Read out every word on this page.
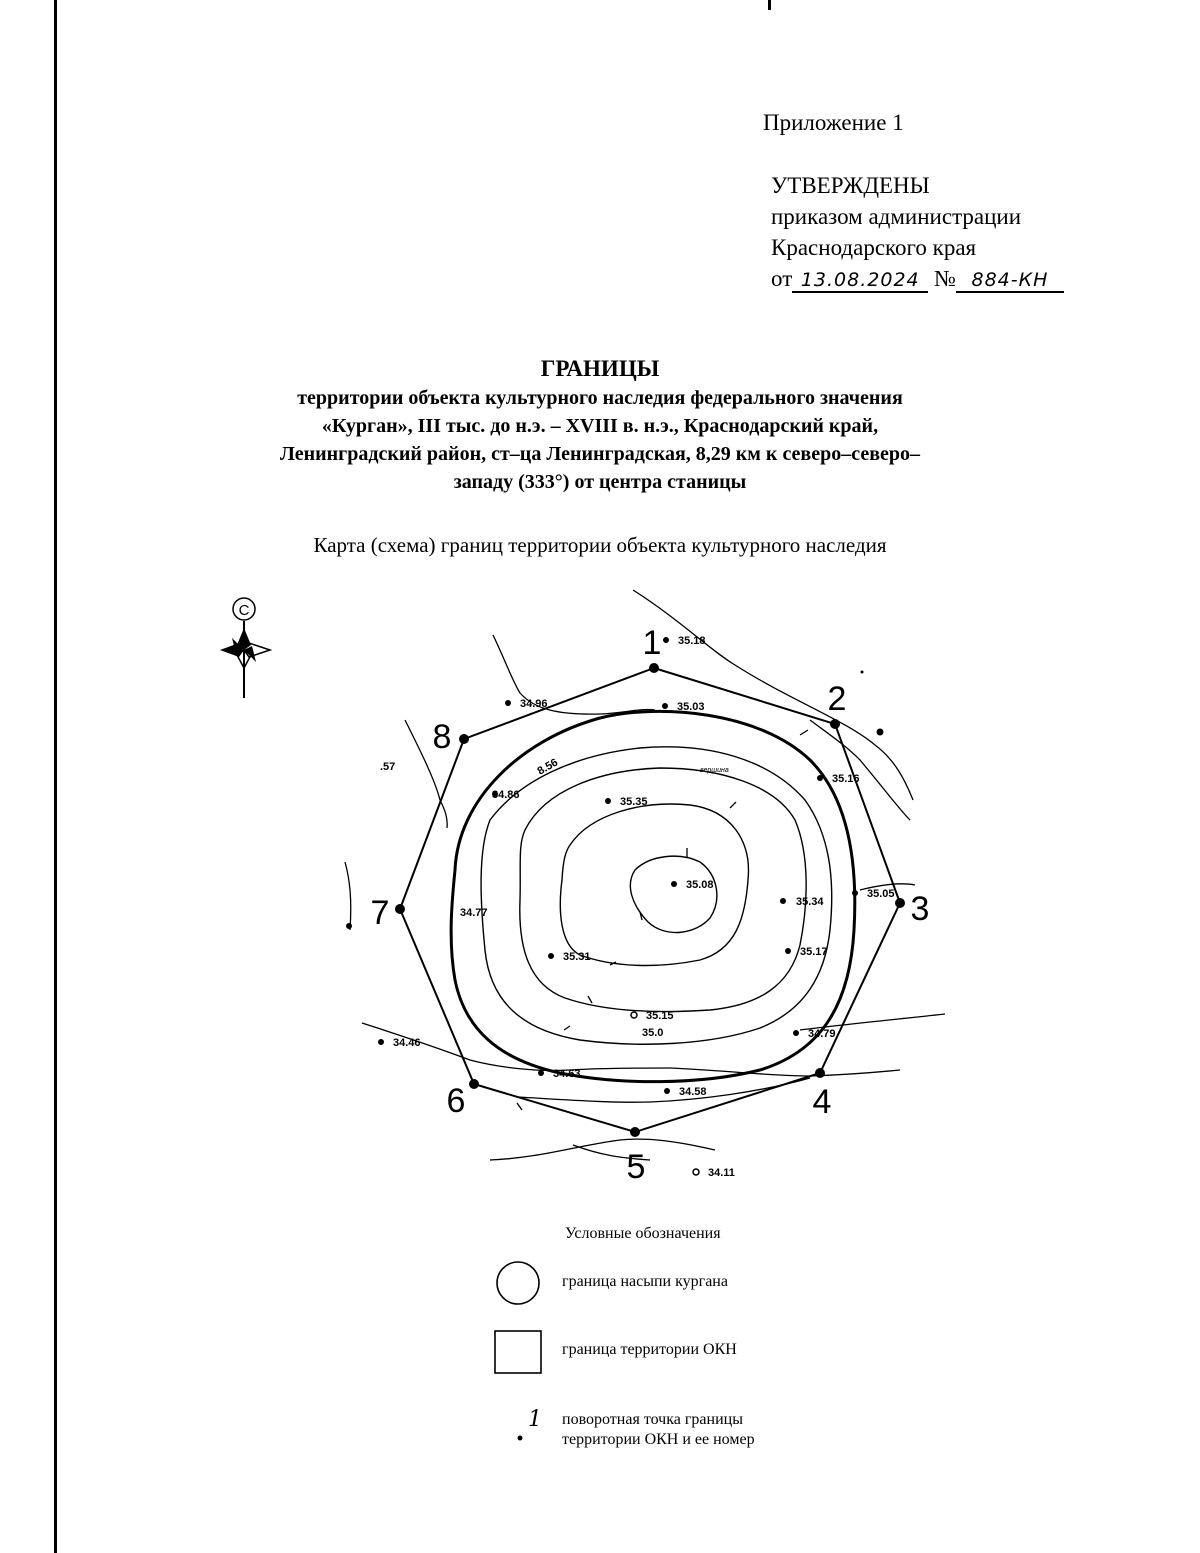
Приложение 1
УТВЕРЖДЕНЫ
приказом администрации
Краснодарского края
от 13.08.2024 № 884-КН
ГРАНИЦЫ
территории объекта культурного наследия федерального значения
«Курган», III тыс. до н.э. – XVIII в. н.э., Краснодарский край,
Ленинградский район, ст–ца Ленинградская, 8,29 км к северо–северо–
западу (333°) от центра станицы
Карта (схема) границ территории объекта культурного наследия
С
1
2
3
4
5
6
7
8
35.18
34.96	35.03
35.16
34.86
35.35
35.08
35.34
35.05
34.77
35.31	35.17
35.15
35.0	34.79
34.46
34.63
34.58
34.11
8.56
.57	вершина
Условные обозначения
1
граница насыпи кургана
граница территории ОКН
поворотная точка границы
территории ОКН и ее номер
